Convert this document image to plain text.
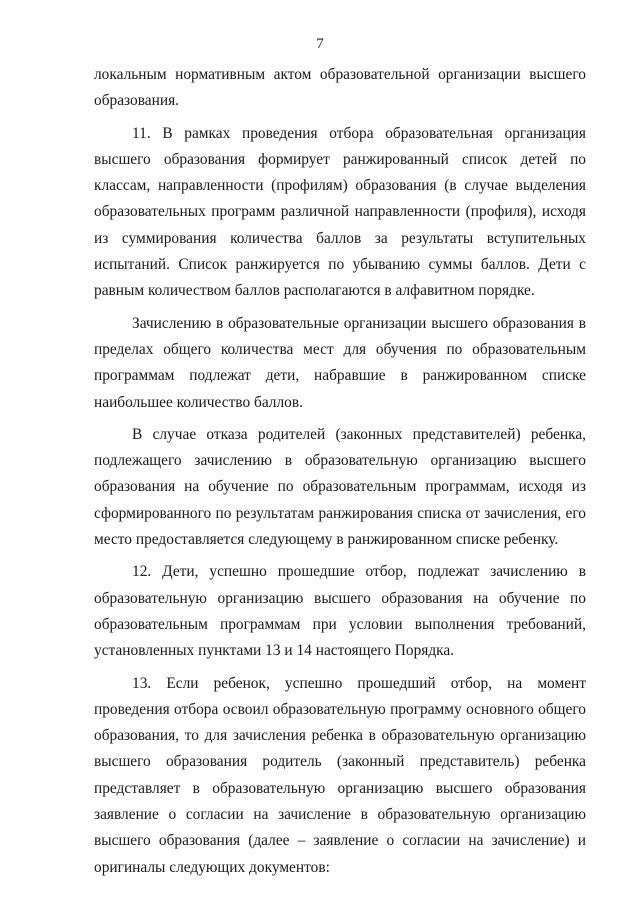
7

локальным нормативным актом образовательной организации высшего образования.

11. В рамках проведения отбора образовательная организация высшего образования формирует ранжированный список детей по классам, направленности (профилям) образования (в случае выделения образовательных программ различной направленности (профиля), исходя из суммирования количества баллов за результаты вступительных испытаний. Список ранжируется по убыванию суммы баллов. Дети с равным количеством баллов располагаются в алфавитном порядке.

Зачислению в образовательные организации высшего образования в пределах общего количества мест для обучения по образовательным программам подлежат дети, набравшие в ранжированном списке наибольшее количество баллов.

В случае отказа родителей (законных представителей) ребенка, подлежащего зачислению в образовательную организацию высшего образования на обучение по образовательным программам, исходя из сформированного по результатам ранжирования списка от зачисления, его место предоставляется следующему в ранжированном списке ребенку.

12. Дети, успешно прошедшие отбор, подлежат зачислению в образовательную организацию высшего образования на обучение по образовательным программам при условии выполнения требований, установленных пунктами 13 и 14 настоящего Порядка.

13. Если ребенок, успешно прошедший отбор, на момент проведения отбора освоил образовательную программу основного общего образования, то для зачисления ребенка в образовательную организацию высшего образования родитель (законный представитель) ребенка представляет в образовательную организацию высшего образования заявление о согласии на зачисление в образовательную организацию высшего образования (далее – заявление о согласии на зачисление) и оригиналы следующих документов:
